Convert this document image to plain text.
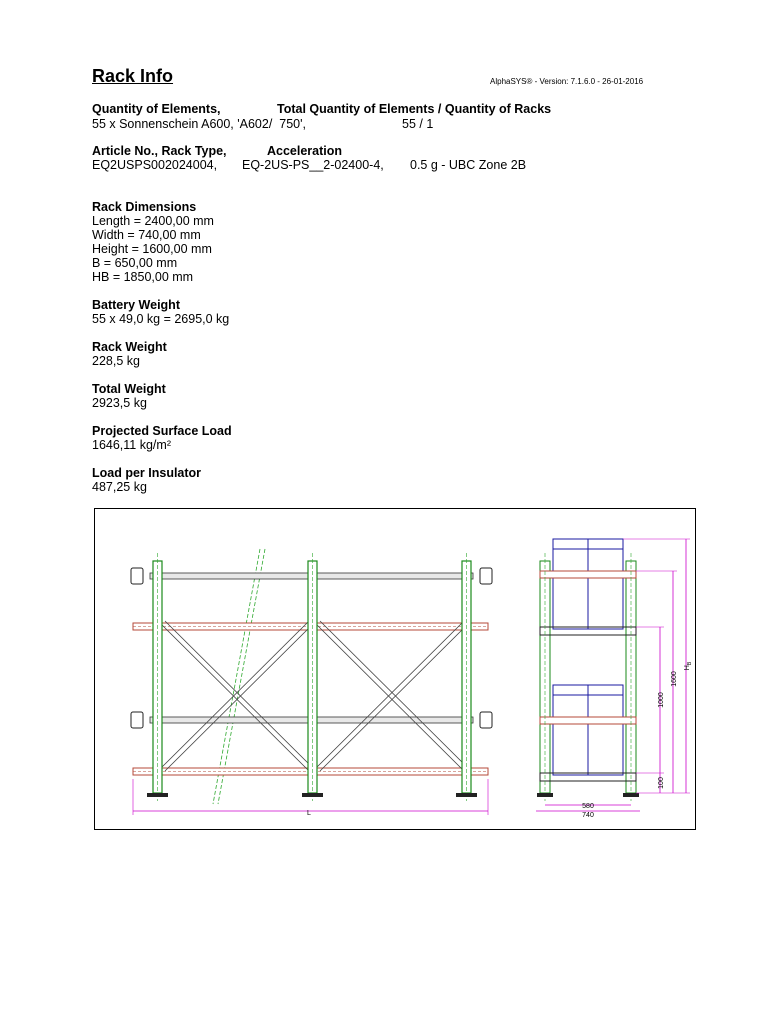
Rack Info	AlphaSYS® - Version: 7.1.6.0 - 26-01-2016
Quantity of Elements,	Total Quantity of Elements / Quantity of Racks
55 x Sonnenschein A600, 'A602/  750',	55 / 1
Article No., Rack Type,	Acceleration
EQ2USPS002024004, EQ-2US-PS__2-02400-4, 0.5 g - UBC Zone 2B
Rack Dimensions
Length = 2400,00 mm
Width = 740,00 mm
Height = 1600,00 mm
B = 650,00 mm
HB = 1850,00 mm
Battery Weight
55 x 49,0 kg = 2695,0 kg
Rack Weight
228,5 kg
Total Weight
2923,5 kg
Projected Surface Load
1646,11 kg/m²
Load per Insulator
487,25 kg
L
580
740
100
1000
1600
$H_B$
